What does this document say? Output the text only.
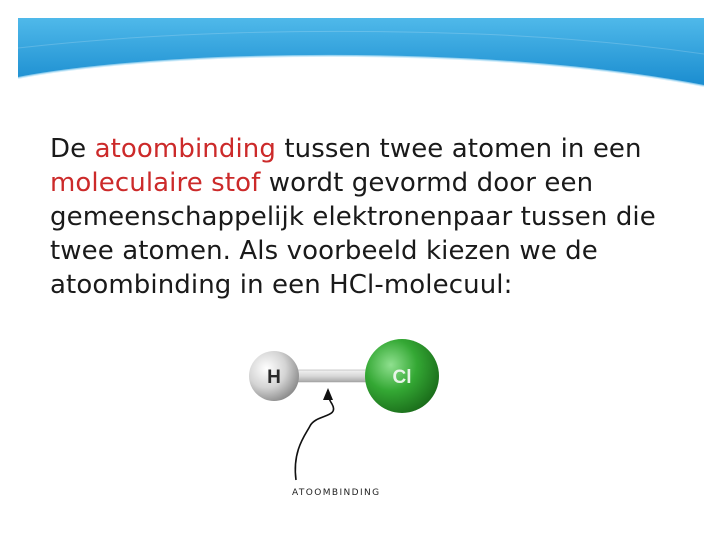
De atoombinding tussen twee atomen in een moleculaire stof wordt gevormd door een gemeenschappelijk elektronenpaar tussen die twee atomen. Als voorbeeld kiezen we de atoombinding in een HCl-molecuul:
H	Cl
ATOOMBINDING
